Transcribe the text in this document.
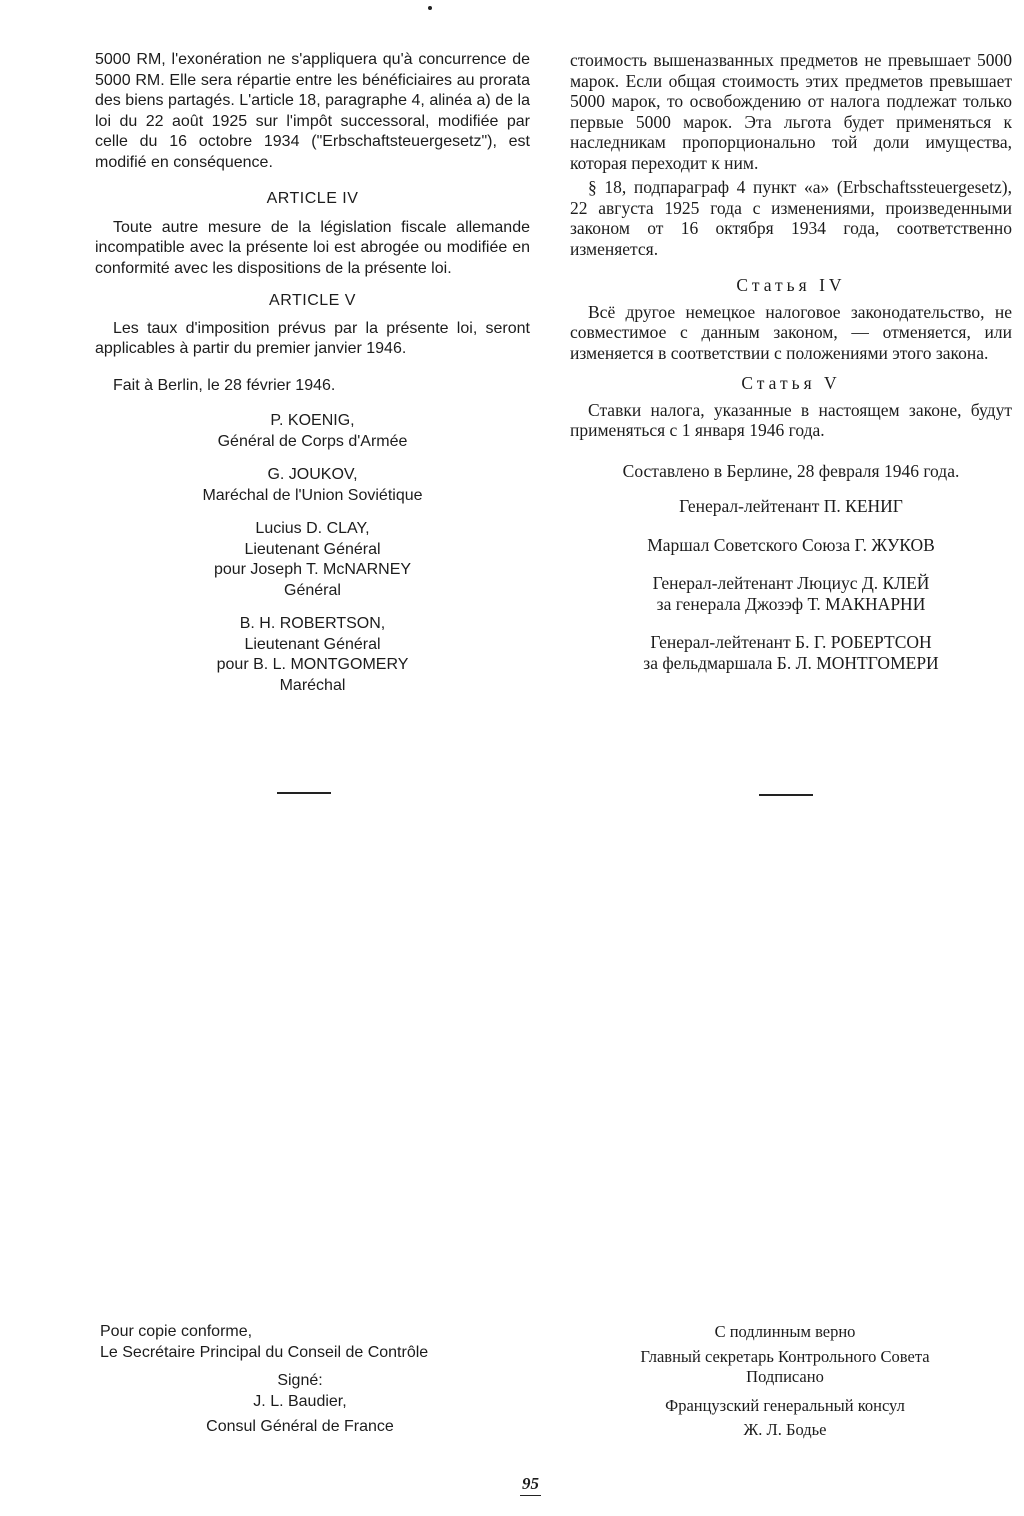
5000 RM, l'exonération ne s'appliquera qu'à concurrence de 5000 RM. Elle sera répartie entre les bénéficiaires au prorata des biens partagés. L'article 18, paragraphe 4, alinéa a) de la loi du 22 août 1925 sur l'impôt successoral, modifiée par celle du 16 octobre 1934 ("Erbschaftsteuergesetz"), est modifié en conséquence.

ARTICLE IV

Toute autre mesure de la législation fiscale allemande incompatible avec la présente loi est abrogée ou modifiée en conformité avec les dispositions de la présente loi.

ARTICLE V

Les taux d'imposition prévus par la présente loi, seront applicables à partir du premier janvier 1946.

Fait à Berlin, le 28 février 1946.

P. KOENIG,

Général de Corps d'Armée

G. JOUKOV,

Maréchal de l'Union Soviétique

Lucius D. CLAY,

Lieutenant Général

pour Joseph T. McNARNEY

Général

B. H. ROBERTSON,

Lieutenant Général

pour B. L. MONTGOMERY

Maréchal

стоимость вышеназванных предметов не превышает 5000 марок. Если общая стоимость этих предметов превышает 5000 марок, то освобождению от налога подлежат только первые 5000 марок. Эта льгота будет применяться к наследникам пропорционально той доли имущества, которая переходит к ним.

§ 18, подпараграф 4 пункт «а» (Erbschaftssteuergesetz), 22 августа 1925 года с изменениями, произведенными законом от 16 октября 1934 года, соответственно изменяется.

Статья IV

Всё другое немецкое налоговое законодательство, не совместимое с данным законом, — отменяется, или изменяется в соответствии с положениями этого закона.

Статья V

Ставки налога, указанные в настоящем законе, будут применяться с 1 января 1946 года.

Составлено в Берлине, 28 февраля 1946 года.

Генерал-лейтенант П. КЕНИГ

Маршал Советского Союза Г. ЖУКОВ

Генерал-лейтенант Люциус Д. КЛЕЙ

за генерала Джозэф Т. МАКНАРНИ

Генерал-лейтенант Б. Г. РОБЕРТСОН

за фельдмаршала Б. Л. МОНТГОМЕРИ

Pour copie conforme,

Le Secrétaire Principal du Conseil de Contrôle

Signé:

J. L. Baudier,

Consul Général de France

С подлинным верно

Главный секретарь Контрольного Совета

Подписано

Французский генеральный консул

Ж. Л. Бодье

95
